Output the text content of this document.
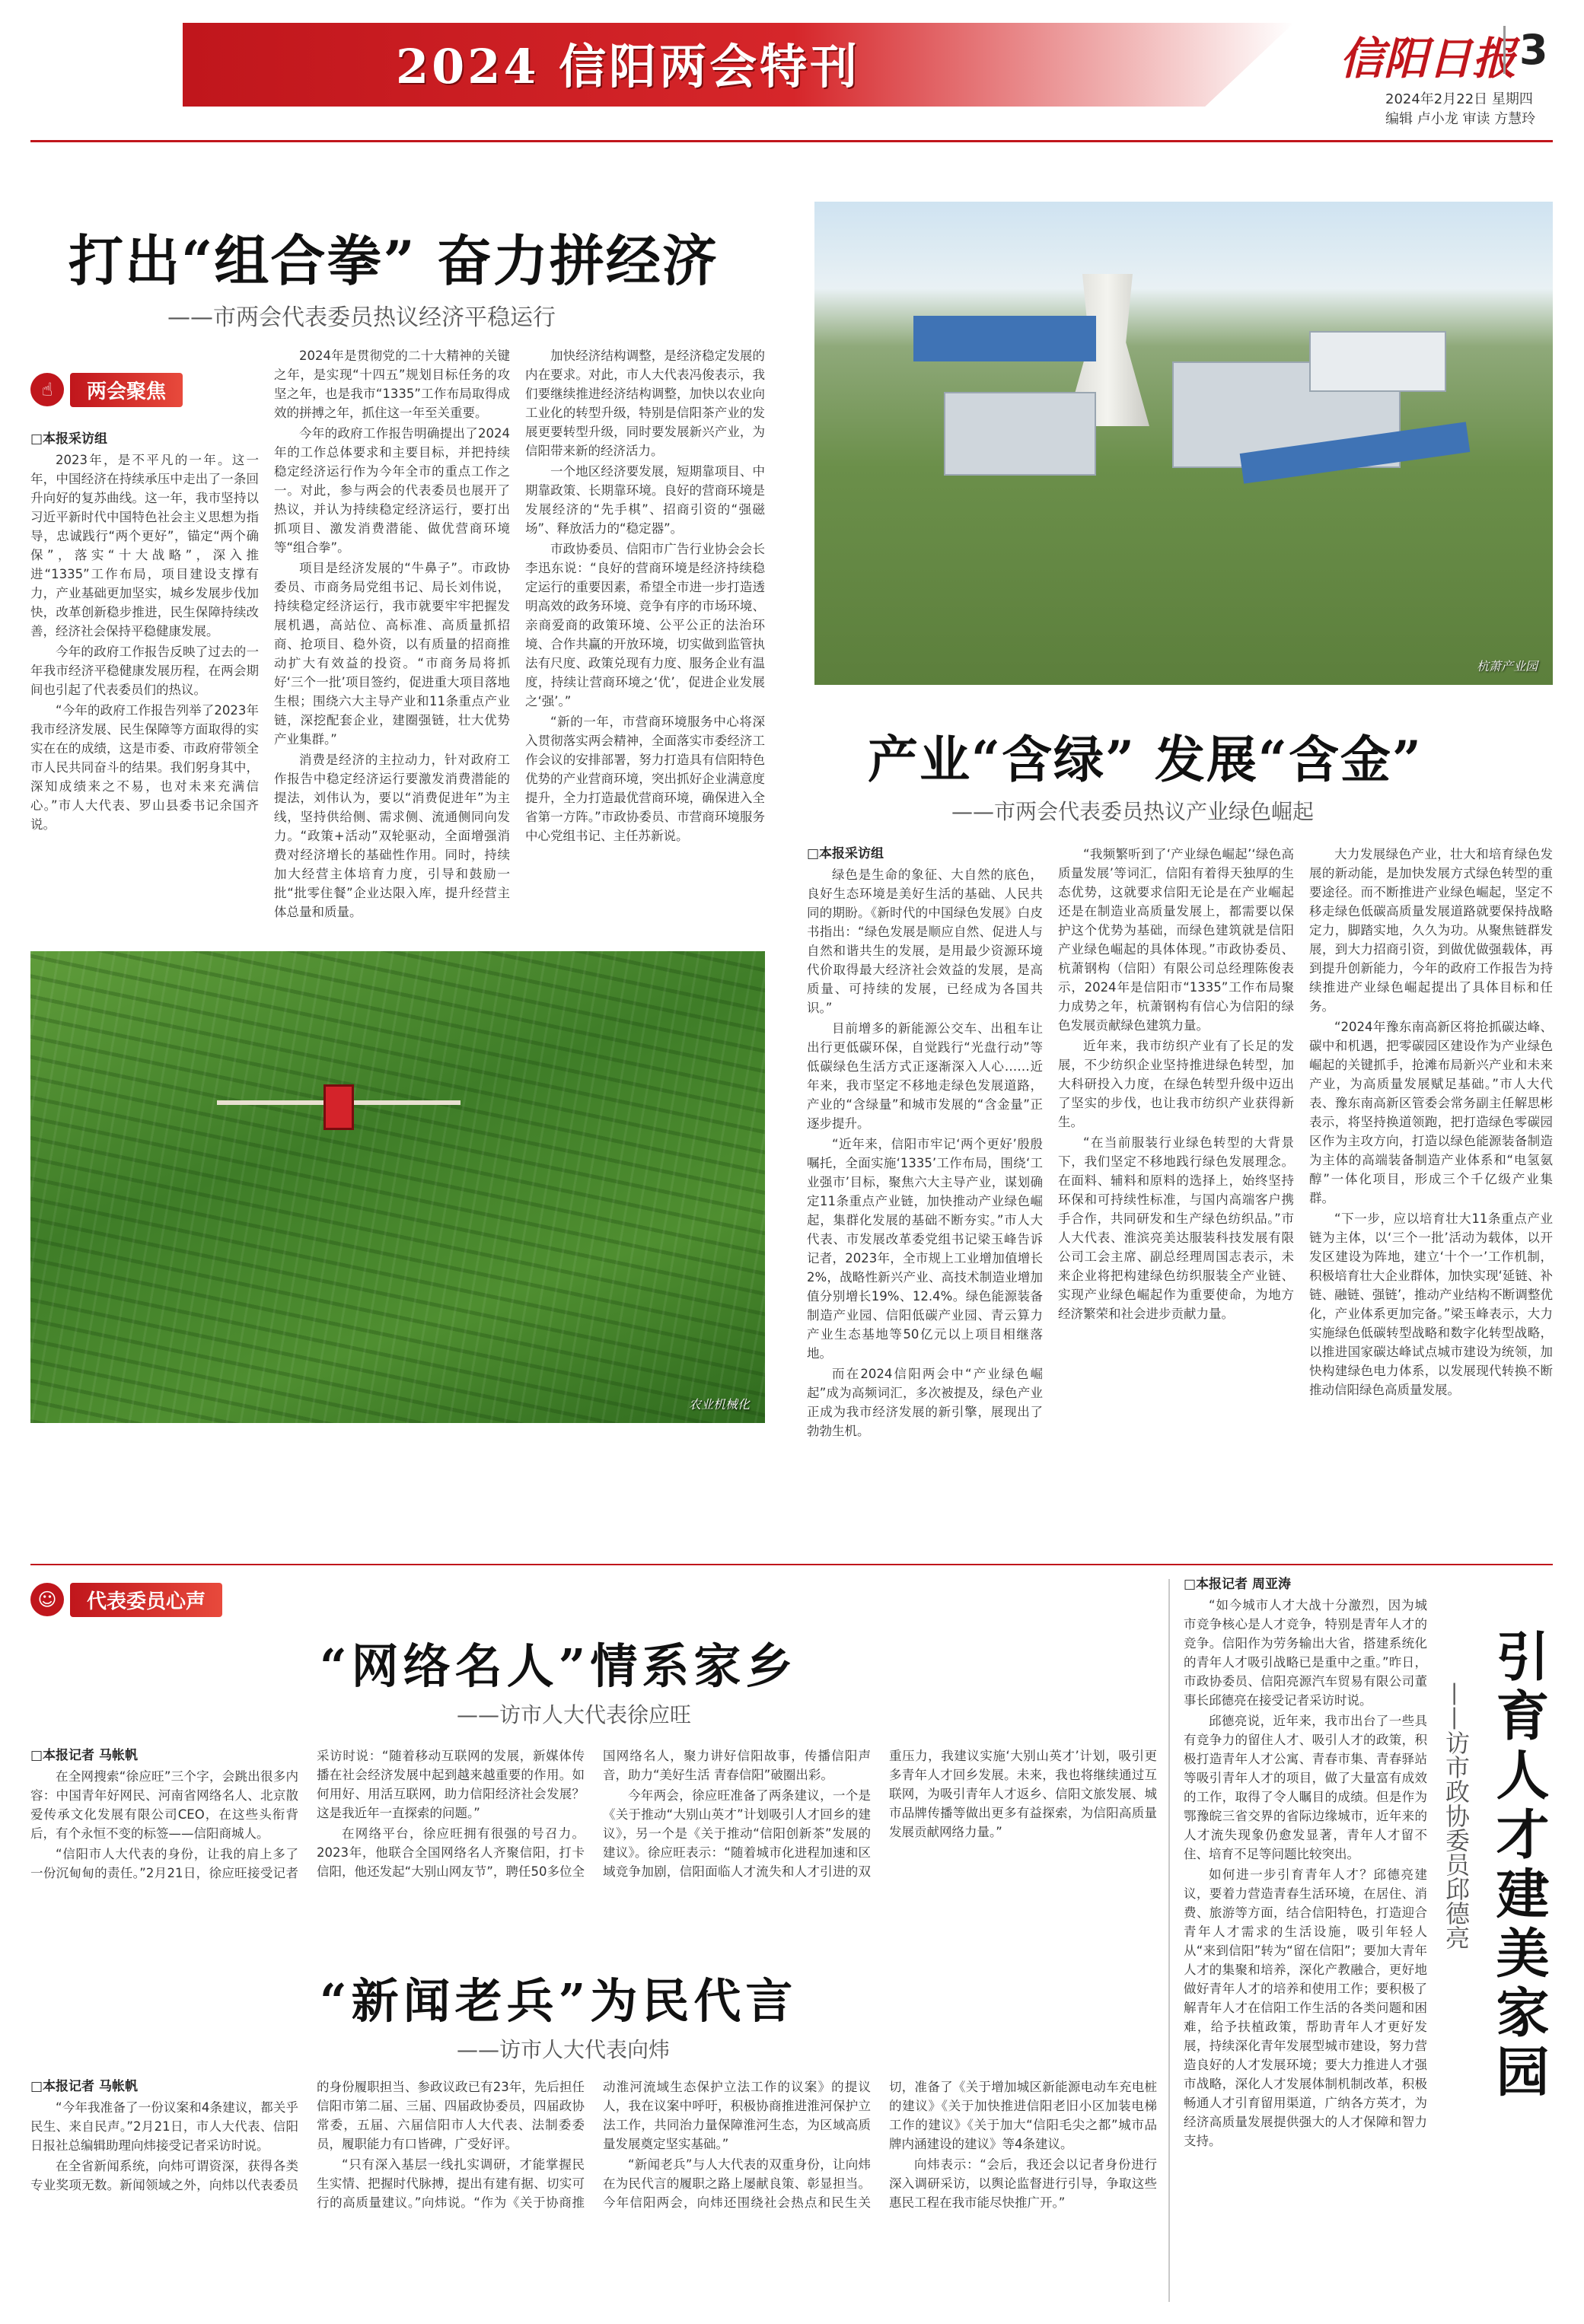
2024 信阳两会特刊	信阳日报 3
2024年2月22日 星期四
编辑 卢小龙 审读 方慧玲
打出“组合拳” 奋力拼经济
——市两会代表委员热议经济平稳运行
☝	两会聚焦

□本报采访组

2023年，是不平凡的一年。这一年，中国经济在持续承压中走出了一条回升向好的复苏曲线。这一年，我市坚持以习近平新时代中国特色社会主义思想为指导，忠诚践行“两个更好”，锚定“两个确保”，落实“十大战略”，深入推进“1335”工作布局，项目建设支撑有力，产业基础更加坚实，城乡发展步伐加快，改革创新稳步推进，民生保障持续改善，经济社会保持平稳健康发展。

今年的政府工作报告反映了过去的一年我市经济平稳健康发展历程，在两会期间也引起了代表委员们的热议。

“今年的政府工作报告列举了2023年我市经济发展、民生保障等方面取得的实实在在的成绩，这是市委、市政府带领全市人民共同奋斗的结果。我们躬身其中，深知成绩来之不易，也对未来充满信心。”市人大代表、罗山县委书记余国齐说。

2024年是贯彻党的二十大精神的关键之年，是实现“十四五”规划目标任务的攻坚之年，也是我市“1335”工作布局取得成效的拼搏之年，抓住这一年至关重要。

今年的政府工作报告明确提出了2024年的工作总体要求和主要目标，并把持续稳定经济运行作为今年全市的重点工作之一。对此，参与两会的代表委员也展开了热议，并认为持续稳定经济运行，要打出抓项目、激发消费潜能、做优营商环境等“组合拳”。

项目是经济发展的“牛鼻子”。市政协委员、市商务局党组书记、局长刘伟说，持续稳定经济运行，我市就要牢牢把握发展机遇，高站位、高标准、高质量抓招商、抢项目、稳外资，以有质量的招商推动扩大有效益的投资。“市商务局将抓好‘三个一批’项目签约，促进重大项目落地生根；围绕六大主导产业和11条重点产业链，深挖配套企业，建圈强链，壮大优势产业集群。”

消费是经济的主拉动力，针对政府工作报告中稳定经济运行要激发消费潜能的提法，刘伟认为，要以“消费促进年”为主线，坚持供给侧、需求侧、流通侧同向发力。“政策+活动”双轮驱动，全面增强消费对经济增长的基础性作用。同时，持续加大经营主体培育力度，引导和鼓励一批“批零住餐”企业达限入库，提升经营主体总量和质量。

加快经济结构调整，是经济稳定发展的内在要求。对此，市人大代表冯俊表示，我们要继续推进经济结构调整，加快以农业向工业化的转型升级，特别是信阳茶产业的发展更要转型升级，同时要发展新兴产业，为信阳带来新的经济活力。

一个地区经济要发展，短期靠项目、中期靠政策、长期靠环境。良好的营商环境是发展经济的“先手棋”、招商引资的“强磁场”、释放活力的“稳定器”。

市政协委员、信阳市广告行业协会会长李迅东说：“良好的营商环境是经济持续稳定运行的重要因素，希望全市进一步打造透明高效的政务环境、竞争有序的市场环境、亲商爱商的政策环境、公平公正的法治环境、合作共赢的开放环境，切实做到监管执法有尺度、政策兑现有力度、服务企业有温度，持续让营商环境之‘优’，促进企业发展之‘强’。”

“新的一年，市营商环境服务中心将深入贯彻落实两会精神，全面落实市委经济工作会议的安排部署，努力打造具有信阳特色优势的产业营商环境，突出抓好企业满意度提升，全力打造最优营商环境，确保进入全省第一方阵。”市政协委员、市营商环境服务中心党组书记、主任苏新说。

农业机械化
杭萧产业园
产业“含绿” 发展“含金”
——市两会代表委员热议产业绿色崛起

□本报采访组

绿色是生命的象征、大自然的底色，良好生态环境是美好生活的基础、人民共同的期盼。《新时代的中国绿色发展》白皮书指出：“绿色发展是顺应自然、促进人与自然和谐共生的发展，是用最少资源环境代价取得最大经济社会效益的发展，是高质量、可持续的发展，已经成为各国共识。”

目前增多的新能源公交车、出租车让出行更低碳环保，自觉践行“光盘行动”等低碳绿色生活方式正逐渐深入人心……近年来，我市坚定不移地走绿色发展道路，产业的“含绿量”和城市发展的“含金量”正逐步提升。

“近年来，信阳市牢记‘两个更好’殷殷嘱托，全面实施‘1335’工作布局，围绕‘工业强市’目标，聚焦六大主导产业，谋划确定11条重点产业链，加快推动产业绿色崛起，集群化发展的基础不断夯实。”市人大代表、市发展改革委党组书记梁玉峰告诉记者，2023年，全市规上工业增加值增长2%，战略性新兴产业、高技术制造业增加值分别增长19%、12.4%。绿色能源装备制造产业园、信阳低碳产业园、青云算力产业生态基地等50亿元以上项目相继落地。

而在2024信阳两会中“产业绿色崛起”成为高频词汇，多次被提及，绿色产业正成为我市经济发展的新引擎，展现出了勃勃生机。

“我频繁听到了‘产业绿色崛起’‘绿色高质量发展’等词汇，信阳有着得天独厚的生态优势，这就要求信阳无论是在产业崛起还是在制造业高质量发展上，都需要以保护这个优势为基础，而绿色建筑就是信阳产业绿色崛起的具体体现。”市政协委员、杭萧钢构（信阳）有限公司总经理陈俊表示，2024年是信阳市“1335”工作布局聚力成势之年，杭萧钢构有信心为信阳的绿色发展贡献绿色建筑力量。

近年来，我市纺织产业有了长足的发展，不少纺织企业坚持推进绿色转型，加大科研投入力度，在绿色转型升级中迈出了坚实的步伐，也让我市纺织产业获得新生。

“在当前服装行业绿色转型的大背景下，我们坚定不移地践行绿色发展理念。在面料、辅料和原料的选择上，始终坚持环保和可持续性标准，与国内高端客户携手合作，共同研发和生产绿色纺织品。”市人大代表、淮滨亮美达服装科技发展有限公司工会主席、副总经理周国志表示，未来企业将把构建绿色纺织服装全产业链、实现产业绿色崛起作为重要使命，为地方经济繁荣和社会进步贡献力量。

大力发展绿色产业，壮大和培育绿色发展的新动能，是加快发展方式绿色转型的重要途径。而不断推进产业绿色崛起，坚定不移走绿色低碳高质量发展道路就要保持战略定力，脚踏实地，久久为功。从聚焦链群发展，到大力招商引资，到做优做强载体，再到提升创新能力，今年的政府工作报告为持续推进产业绿色崛起提出了具体目标和任务。

“2024年豫东南高新区将抢抓碳达峰、碳中和机遇，把零碳园区建设作为产业绿色崛起的关键抓手，抢滩布局新兴产业和未来产业，为高质量发展赋足基础。”市人大代表、豫东南高新区管委会常务副主任解思彬表示，将坚持换道领跑，把打造绿色零碳园区作为主攻方向，打造以绿色能源装备制造为主体的高端装备制造产业体系和“电氢氨醇”一体化项目，形成三个千亿级产业集群。

“下一步，应以培育壮大11条重点产业链为主体，以‘三个一批’活动为载体，以开发区建设为阵地，建立‘十个一’工作机制，积极培育壮大企业群体，加快实现‘延链、补链、融链、强链’，推动产业结构不断调整优化，产业体系更加完备。”梁玉峰表示，大力实施绿色低碳转型战略和数字化转型战略，以推进国家碳达峰试点城市建设为统领，加快构建绿色电力体系，以发展现代转换不断推动信阳绿色高质量发展。

☺	代表委员心声
“网络名人”情系家乡
——访市人大代表徐应旺

□本报记者 马帐帆

在全网搜索“徐应旺”三个字，会跳出很多内容：中国青年好网民、河南省网络名人、北京散爱传承文化发展有限公司CEO，在这些头衔背后，有个永恒不变的标签——信阳商城人。

“信阳市人大代表的身份，让我的肩上多了一份沉甸甸的责任。”2月21日，徐应旺接受记者采访时说：“随着移动互联网的发展，新媒体传播在社会经济发展中起到越来越重要的作用。如何用好、用活互联网，助力信阳经济社会发展？这是我近年一直探索的问题。”

在网络平台，徐应旺拥有很强的号召力。2023年，他联合全国网络名人齐聚信阳，打卡信阳，他还发起“大别山网友节”，聘任50多位全国网络名人，聚力讲好信阳故事，传播信阳声音，助力“美好生活 青春信阳”破圈出彩。

今年两会，徐应旺准备了两条建议，一个是《关于推动“大别山英才”计划吸引人才回乡的建议》，另一个是《关于推动“信阳创新茶”发展的建议》。徐应旺表示：“随着城市化进程加速和区域竞争加剧，信阳面临人才流失和人才引进的双重压力，我建议实施‘大别山英才’计划，吸引更多青年人才回乡发展。未来，我也将继续通过互联网，为吸引青年人才返乡、信阳文旅发展、城市品牌传播等做出更多有益探索，为信阳高质量发展贡献网络力量。”

“新闻老兵”为民代言
——访市人大代表向炜

□本报记者 马帐帆

“今年我准备了一份议案和4条建议，都关乎民生、来自民声。”2月21日，市人大代表、信阳日报社总编辑助理向炜接受记者采访时说。

在全省新闻系统，向炜可谓资深，获得各类专业奖项无数。新闻领域之外，向炜以代表委员的身份履职担当、参政议政已有23年，先后担任信阳市第二届、三届、四届政协委员，四届政协常委，五届、六届信阳市人大代表、法制委委员，履职能力有口皆碑，广受好评。

“只有深入基层一线扎实调研，才能掌握民生实情、把握时代脉搏，提出有建有据、切实可行的高质量建议。”向炜说。“作为《关于协商推动淮河流域生态保护立法工作的议案》的提议人，我在议案中呼吁，积极协商推进淮河保护立法工作，共同治力量保障淮河生态，为区域高质量发展奠定坚实基础。”

“新闻老兵”与人大代表的双重身份，让向炜在为民代言的履职之路上屡献良策、彰显担当。今年信阳两会，向炜还围绕社会热点和民生关切，准备了《关于增加城区新能源电动车充电桩的建议》《关于加快推进信阳老旧小区加装电梯工作的建议》《关于加大“信阳毛尖之都”城市品牌内涵建设的建议》等4条建议。

向炜表示：“会后，我还会以记者身份进行深入调研采访，以舆论监督进行引导，争取这些惠民工程在我市能尽快推广开。”

引育人才建美家园
——访市政协委员邱德亮

□本报记者 周亚涛

“如今城市人才大战十分激烈，因为城市竞争核心是人才竞争，特别是青年人才的竞争。信阳作为劳务输出大省，搭建系统化的青年人才吸引战略已是重中之重。”昨日，市政协委员、信阳亮源汽车贸易有限公司董事长邱德亮在接受记者采访时说。

邱德亮说，近年来，我市出台了一些具有竞争力的留住人才、吸引人才的政策，积极打造青年人才公寓、青春市集、青春驿站等吸引青年人才的项目，做了大量富有成效的工作，取得了令人瞩目的成绩。但是作为鄂豫皖三省交界的省际边缘城市，近年来的人才流失现象仍愈发显著，青年人才留不住、培育不足等问题比较突出。

如何进一步引育青年人才？邱德亮建议，要着力营造青春生活环境，在居住、消费、旅游等方面，结合信阳特色，打造迎合青年人才需求的生活设施，吸引年轻人从“来到信阳”转为“留在信阳”；要加大青年人才的集聚和培养，深化产教融合，更好地做好青年人才的培养和使用工作；要积极了解青年人才在信阳工作生活的各类问题和困难，给予扶植政策，帮助青年人才更好发展，持续深化青年发展型城市建设，努力营造良好的人才发展环境；要大力推进人才强市战略，深化人才发展体制机制改革，积极畅通人才引育留用渠道，广纳各方英才，为经济高质量发展提供强大的人才保障和智力支持。
